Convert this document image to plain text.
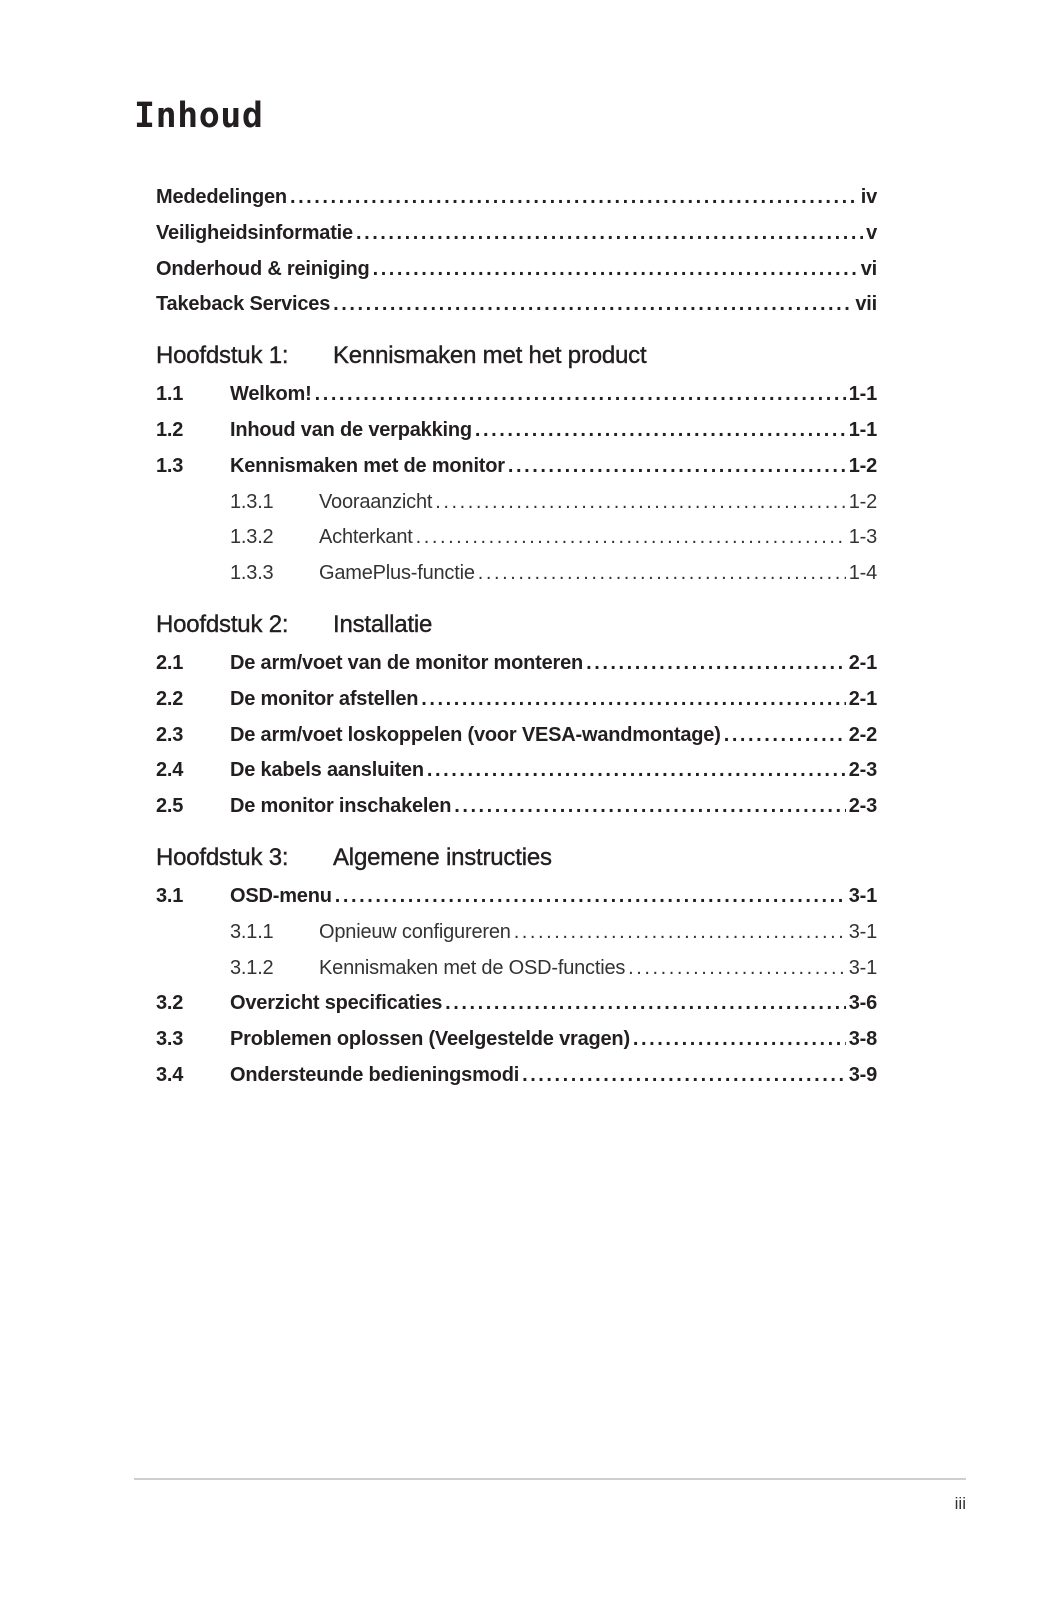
Inhoud
Mededelingen . . .	iv
Veiligheidsinformatie . . .	v
Onderhoud & reiniging . . .	vi
Takeback Services . . .	vii
Hoofdstuk 1:	Kennismaken met het product
1.1	Welkom! . . .	1-1
1.2	Inhoud van de verpakking . . .	1-1
1.3	Kennismaken met de monitor . . .	1-2
1.3.1	Vooraanzicht . . .	1-2
1.3.2	Achterkant . . .	1-3
1.3.3	GamePlus-functie . . .	1-4
Hoofdstuk 2:	Installatie
2.1	De arm/voet van de monitor monteren . . .	2-1
2.2	De monitor afstellen . . .	2-1
2.3	De arm/voet loskoppelen (voor VESA-wandmontage) . . .	2-2
2.4	De kabels aansluiten . . .	2-3
2.5	De monitor inschakelen . . .	2-3
Hoofdstuk 3:	Algemene instructies
3.1	OSD-menu . . .	3-1
3.1.1	Opnieuw configureren . . .	3-1
3.1.2	Kennismaken met de OSD-functies . . .	3-1
3.2	Overzicht specificaties . . .	3-6
3.3	Problemen oplossen (Veelgestelde vragen) . . .	3-8
3.4	Ondersteunde bedieningsmodi . . .	3-9
iii
